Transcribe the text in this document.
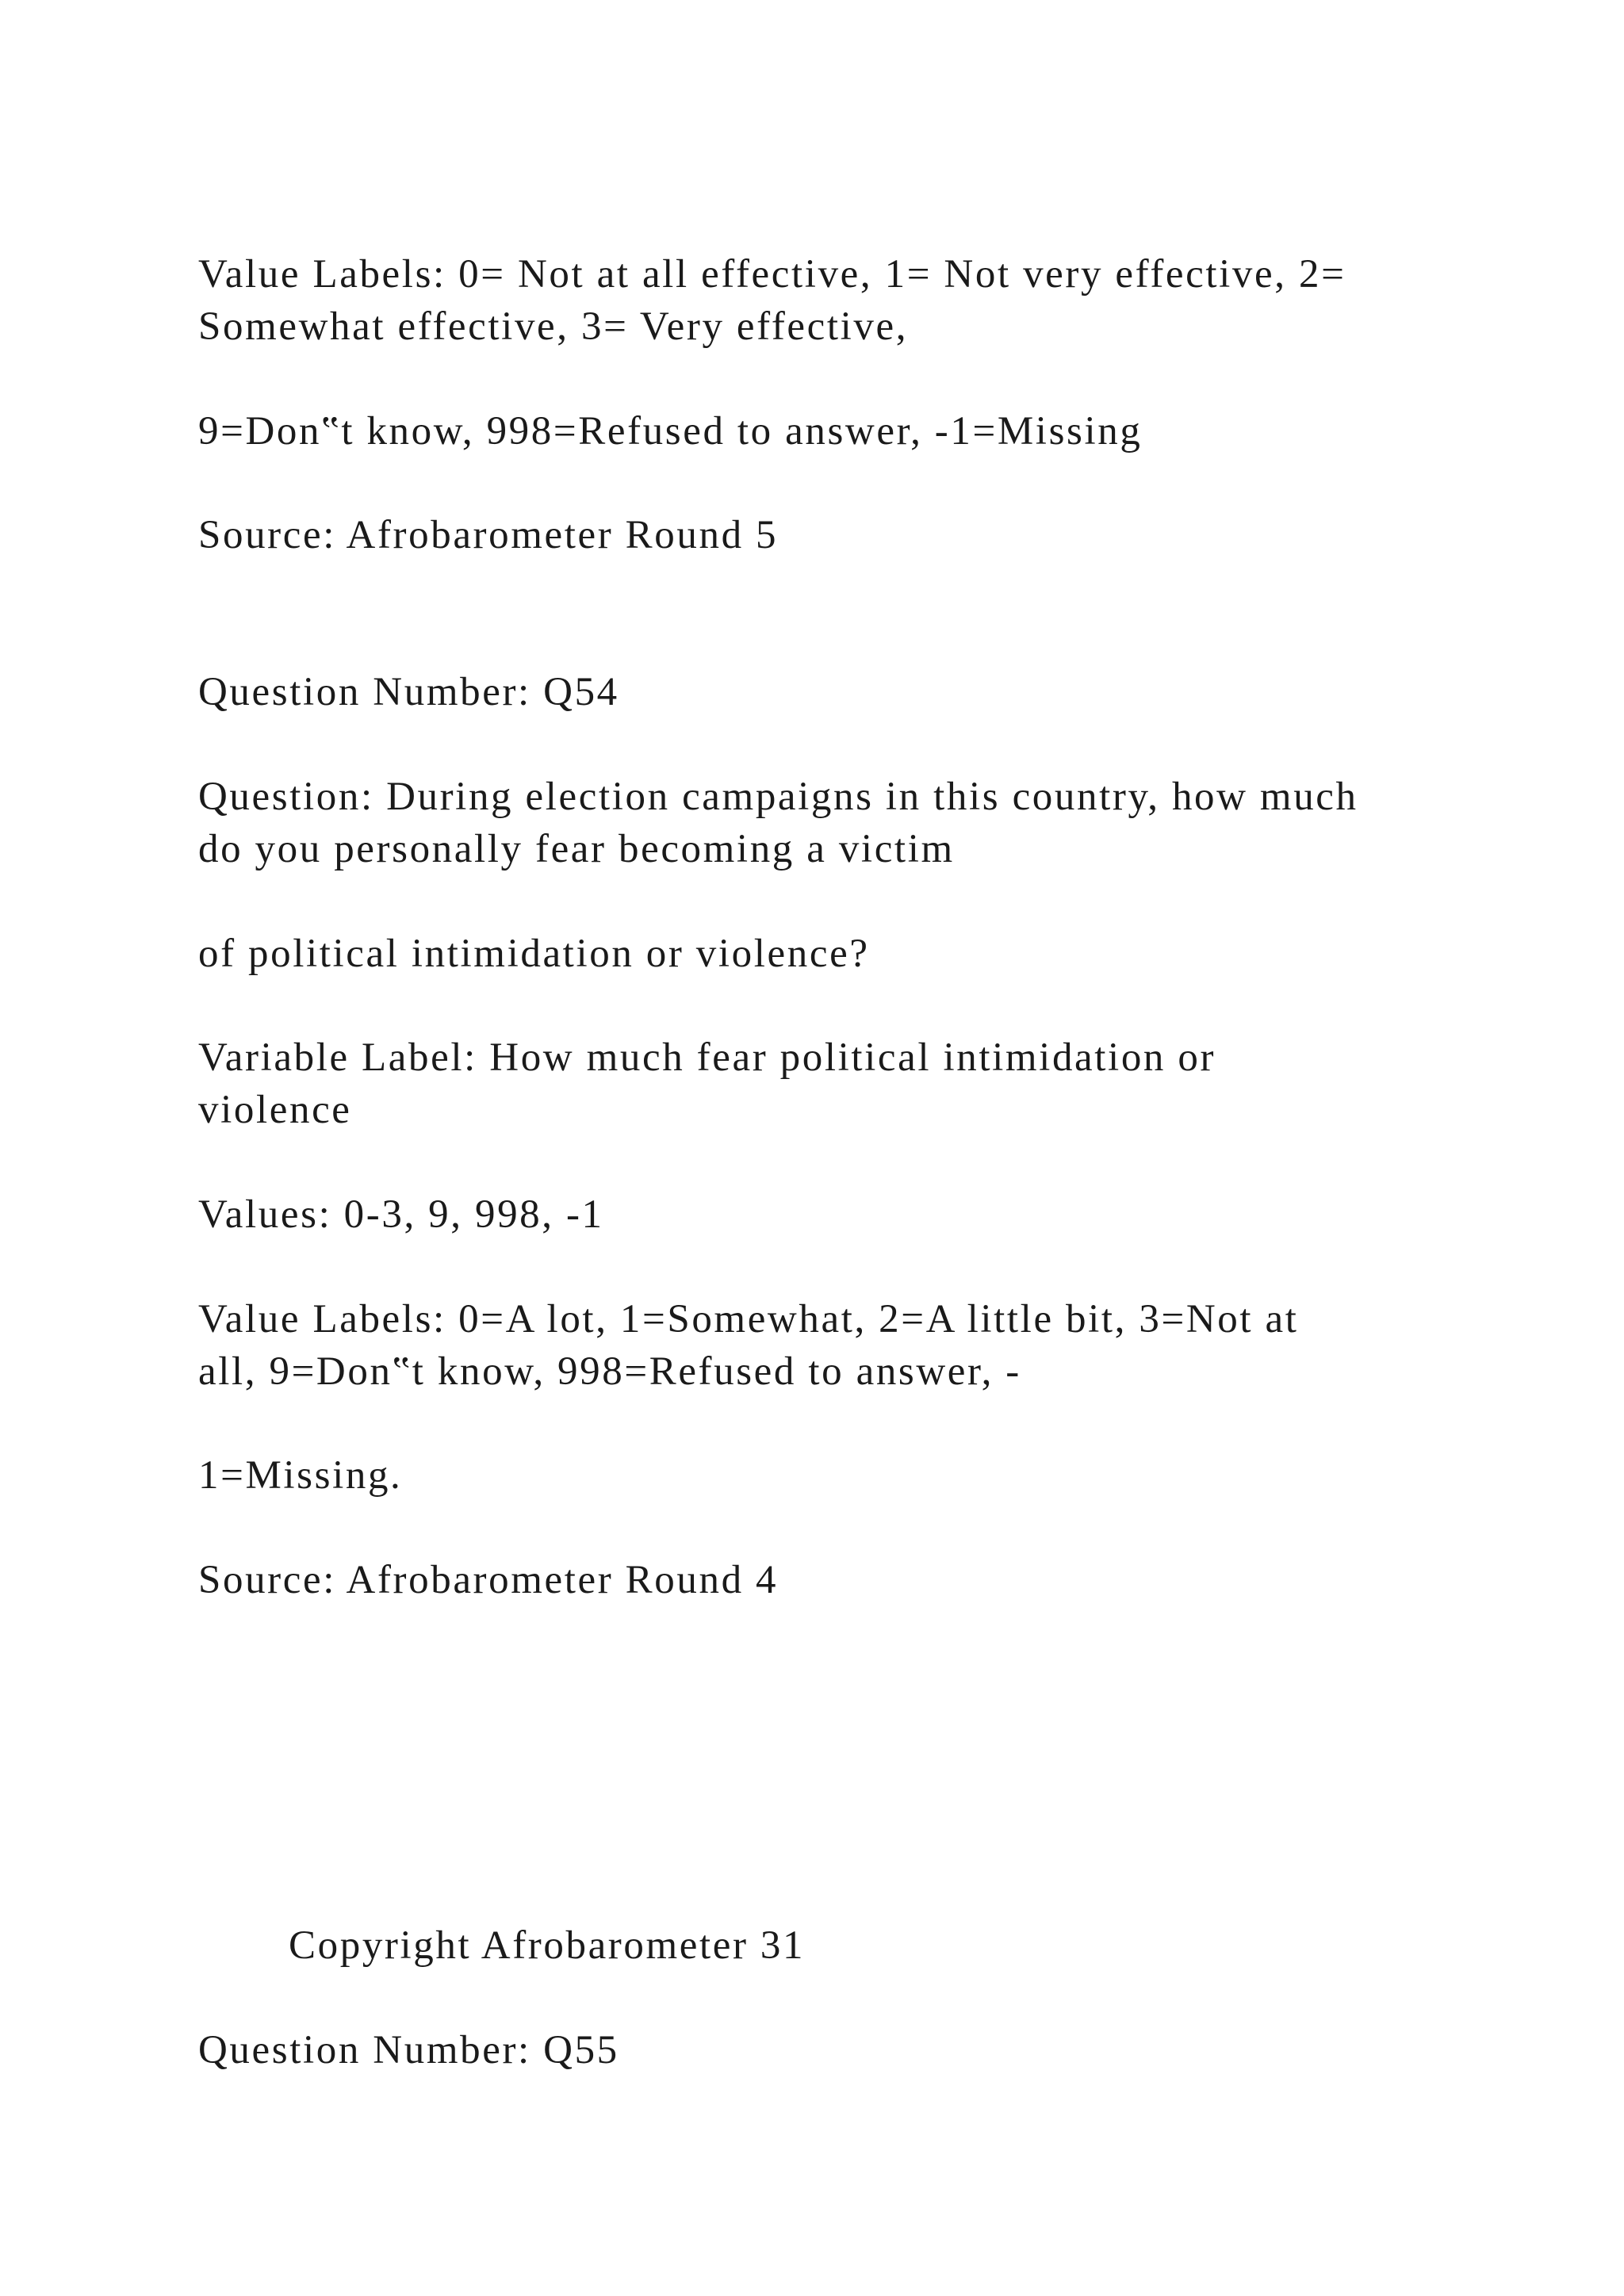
Value Labels: 0= Not at all effective, 1= Not very effective, 2=

Somewhat effective, 3= Very effective,

9=Don‟t know, 998=Refused to answer, -1=Missing

Source: Afrobarometer Round 5

Question Number: Q54

Question: During election campaigns in this country, how much

do you personally fear becoming a victim

of political intimidation or violence?

Variable Label: How much fear political intimidation or

violence

Values: 0-3, 9, 998, -1

Value Labels: 0=A lot, 1=Somewhat, 2=A little bit, 3=Not at

all, 9=Don‟t know, 998=Refused to answer, -

1=Missing.

Source: Afrobarometer Round 4

Copyright Afrobarometer 31

Question Number: Q55
